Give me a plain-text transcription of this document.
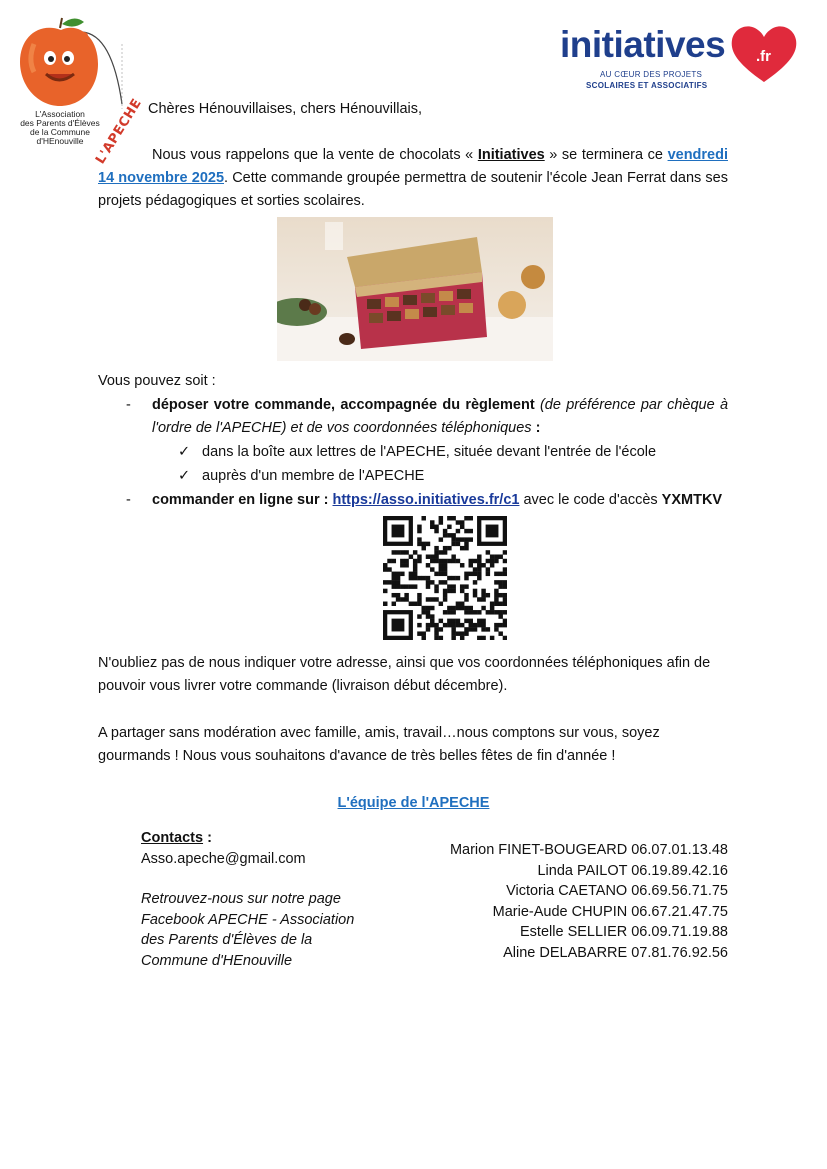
L'Association
des Parents d'Élèves
de la Commune
d'HEnouville L'APECHE
initiatives .fr
AU CŒUR DES PROJETS
SCOLAIRES ET ASSOCIATIFS
Chères Hénouvillaises, chers Hénouvillais,
Nous vous rappelons que la vente de chocolats « Initiatives » se terminera ce vendredi 14 novembre 2025. Cette commande groupée permettra de soutenir l'école Jean Ferrat dans ses projets pédagogiques et sorties scolaires.
Vous pouvez soit :
- déposer votre commande, accompagnée du règlement (de préférence par chèque à l'ordre de l'APECHE) et de vos coordonnées téléphoniques :
✓ dans la boîte aux lettres de l'APECHE, située devant l'entrée de l'école
✓ auprès d'un membre de l'APECHE
- commander en ligne sur : https://asso.initiatives.fr/c1 avec le code d'accès YXMTKV
N'oubliez pas de nous indiquer votre adresse, ainsi que vos coordonnées téléphoniques afin de pouvoir vous livrer votre commande (livraison début décembre).
A partager sans modération avec famille, amis, travail…nous comptons sur vous, soyez gourmands ! Nous vous souhaitons d'avance de très belles fêtes de fin d'année !
L'équipe de l'APECHE
Contacts :
Asso.apeche@gmail.com
Retrouvez-nous sur notre page
Facebook APECHE - Association
des Parents d'Élèves de la
Commune d'HEnouville
Marion FINET-BOUGEARD 06.07.01.13.48
Linda PAILOT 06.19.89.42.16
Victoria CAETANO 06.69.56.71.75
Marie-Aude CHUPIN 06.67.21.47.75
Estelle SELLIER 06.09.71.19.88
Aline DELABARRE 07.81.76.92.56
